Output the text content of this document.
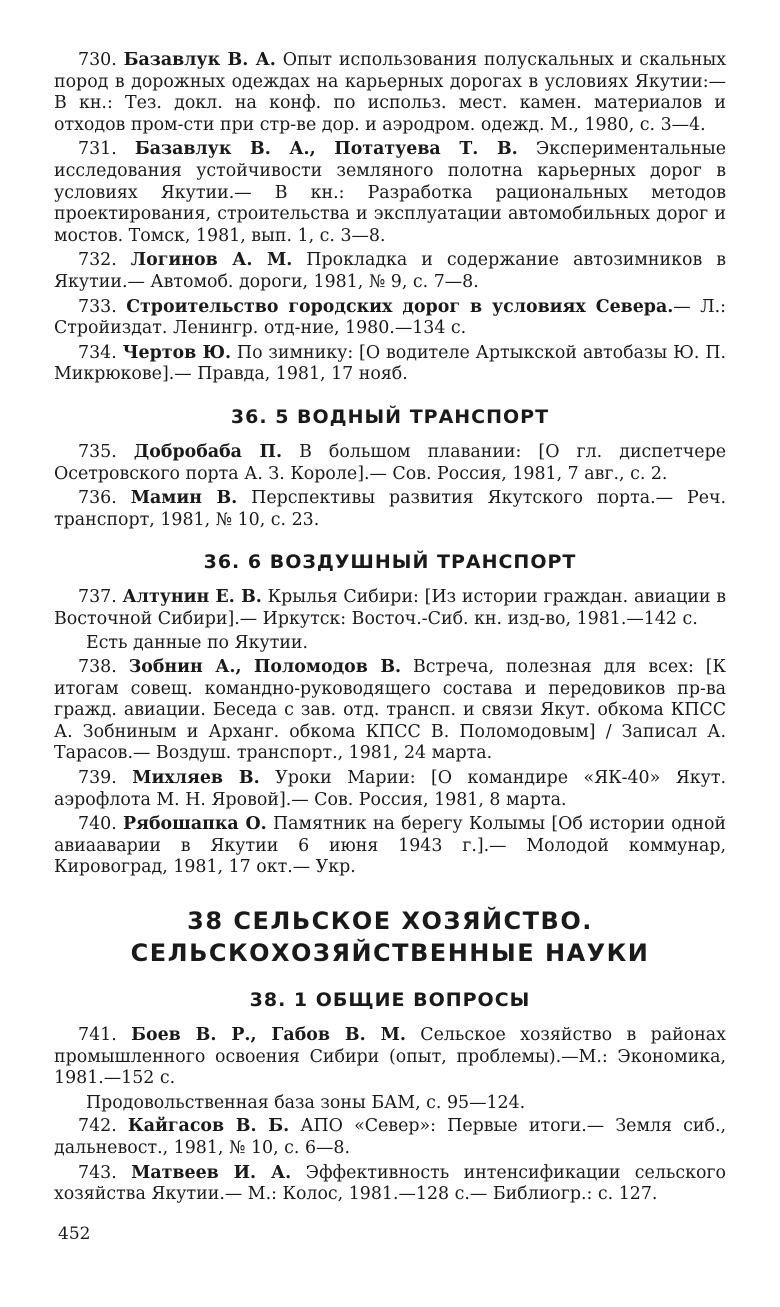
730. Базавлук В. А. Опыт использования полускальных и скальных пород в дорожных одеждах на карьерных дорогах в условиях Якутии:— В кн.: Тез. докл. на конф. по использ. мест. камен. материалов и отходов пром-сти при стр-ве дор. и аэродром. одежд. М., 1980, с. 3—4.

731. Базавлук В. А., Потатуева Т. В. Экспериментальные исследования устойчивости земляного полотна карьерных дорог в условиях Якутии.— В кн.: Разработка рациональных методов проектирования, строительства и эксплуатации автомобильных дорог и мостов. Томск, 1981, вып. 1, с. 3—8.

732. Логинов А. М. Прокладка и содержание автозимников в Якутии.— Автомоб. дороги, 1981, № 9, с. 7—8.

733. Строительство городских дорог в условиях Севера.— Л.: Стройиздат. Ленингр. отд-ние, 1980.—134 с.

734. Чертов Ю. По зимнику: [О водителе Артыкской автобазы Ю. П. Микрюкове].— Правда, 1981, 17 нояб.

36. 5 ВОДНЫЙ ТРАНСПОРТ

735. Добробаба П. В большом плавании: [О гл. диспетчере Осетровского порта А. З. Короле].— Сов. Россия, 1981, 7 авг., с. 2.

736. Мамин В. Перспективы развития Якутского порта.— Реч. транспорт, 1981, № 10, с. 23.

36. 6 ВОЗДУШНЫЙ ТРАНСПОРТ

737. Алтунин Е. В. Крылья Сибири: [Из истории граждан. авиации в Восточной Сибири].— Иркутск: Восточ.-Сиб. кн. изд-во, 1981.—142 с.

Есть данные по Якутии.

738. Зобнин А., Поломодов В. Встреча, полезная для всех: [К итогам совещ. командно-руководящего состава и передовиков пр-ва гражд. авиации. Беседа с зав. отд. трансп. и связи Якут. обкома КПСС А. Зобниным и Арханг. обкома КПСС В. Поломодовым] / Записал А. Тарасов.— Воздуш. транспорт., 1981, 24 марта.

739. Михляев В. Уроки Марии: [О командире «ЯК-40» Якут. аэрофлота М. Н. Яровой].— Сов. Россия, 1981, 8 марта.

740. Рябошапка О. Памятник на берегу Колымы [Об истории одной авиааварии в Якутии 6 июня 1943 г.].— Молодой коммунар, Кировоград, 1981, 17 окт.— Укр.

38 СЕЛЬСКОЕ ХОЗЯЙСТВО.
СЕЛЬСКОХОЗЯЙСТВЕННЫЕ НАУКИ
38. 1 ОБЩИЕ ВОПРОСЫ

741. Боев В. Р., Габов В. М. Сельское хозяйство в районах промышленного освоения Сибири (опыт, проблемы).—М.: Экономика, 1981.—152 с.

Продовольственная база зоны БАМ, с. 95—124.

742. Кайгасов В. Б. АПО «Север»: Первые итоги.— Земля сиб., дальневост., 1981, № 10, с. 6—8.

743. Матвеев И. А. Эффективность интенсификации сельского хозяйства Якутии.— М.: Колос, 1981.—128 с.— Библиогр.: с. 127.

452
